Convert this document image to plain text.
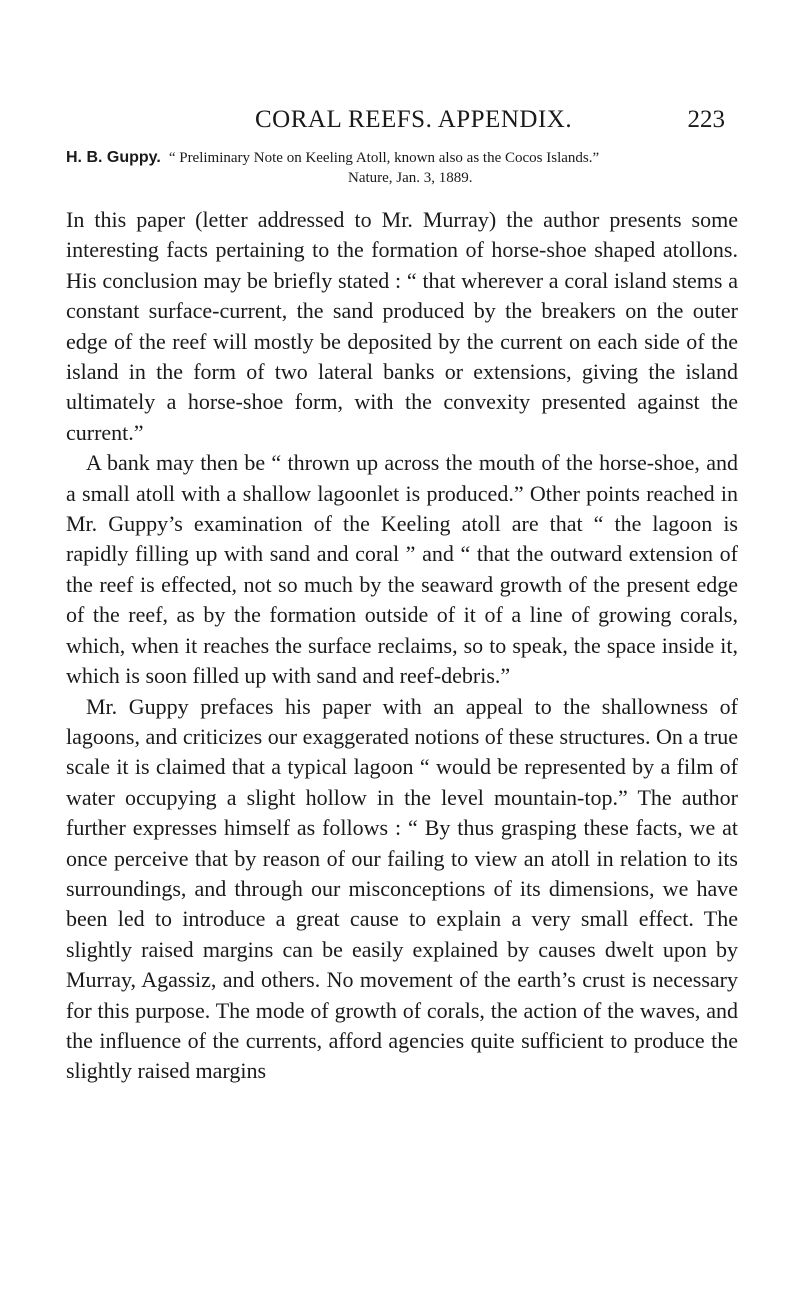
CORAL REEFS. APPENDIX.	223
H. B. Guppy. “ Preliminary Note on Keeling Atoll, known also as the Cocos Islands.”
Nature, Jan. 3, 1889.

In this paper (letter addressed to Mr. Murray) the author presents some interesting facts pertaining to the formation of horse-shoe shaped atollons. His conclusion may be briefly stated : “ that wherever a coral island stems a constant surface-current, the sand produced by the breakers on the outer edge of the reef will mostly be deposited by the current on each side of the island in the form of two lateral banks or extensions, giving the island ultimately a horse-shoe form, with the convexity presented against the current.”

A bank may then be “ thrown up across the mouth of the horse-shoe, and a small atoll with a shallow lagoonlet is produced.” Other points reached in Mr. Guppy’s examination of the Keeling atoll are that “ the lagoon is rapidly filling up with sand and coral ” and “ that the outward extension of the reef is effected, not so much by the seaward growth of the present edge of the reef, as by the formation outside of it of a line of growing corals, which, when it reaches the surface reclaims, so to speak, the space inside it, which is soon filled up with sand and reef-debris.”

Mr. Guppy prefaces his paper with an appeal to the shallowness of lagoons, and criticizes our exaggerated notions of these structures. On a true scale it is claimed that a typical lagoon “ would be represented by a film of water occupying a slight hollow in the level mountain-top.” The author further expresses himself as follows : “ By thus grasping these facts, we at once perceive that by reason of our failing to view an atoll in relation to its surroundings, and through our misconceptions of its dimensions, we have been led to introduce a great cause to explain a very small effect. The slightly raised margins can be easily explained by causes dwelt upon by Murray, Agassiz, and others. No movement of the earth’s crust is necessary for this purpose. The mode of growth of corals, the action of the waves, and the influence of the currents, afford agencies quite sufficient to produce the slightly raised margins
